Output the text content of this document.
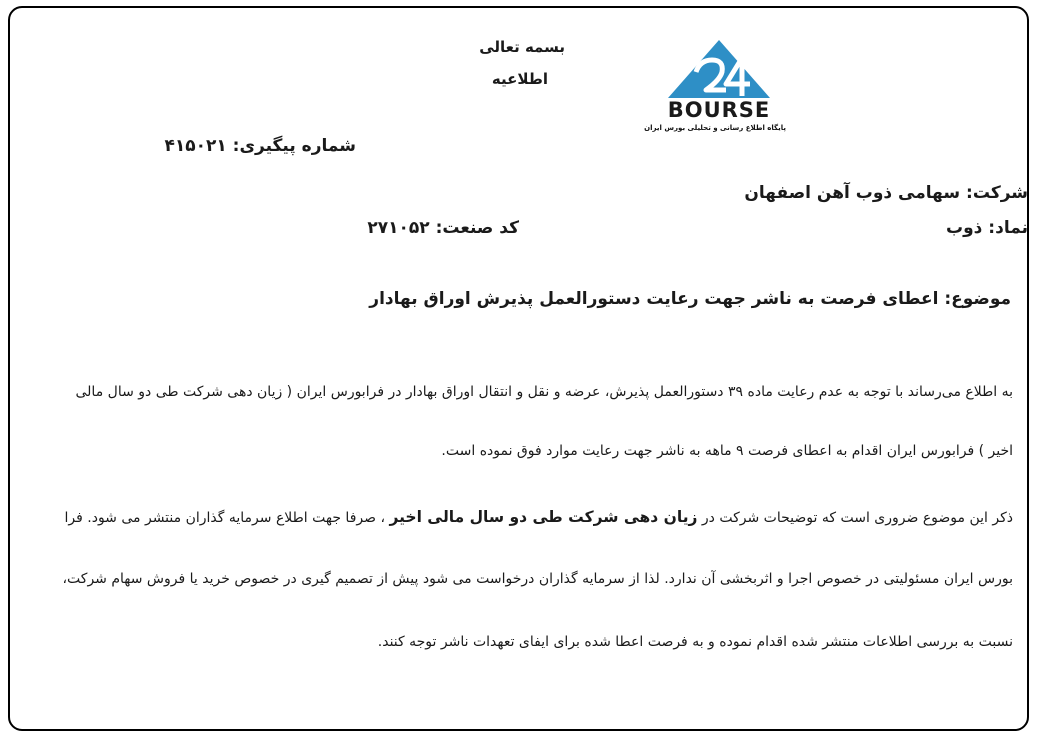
بسمه تعالی
اطلاعیه
شماره پیگیری: ۴۱۵۰۲۱
BOURSE
پایگاه اطلاع رسانی و تحلیلی بورس ایران
شرکت: سهامی ذوب آهن اصفهان
نماد: ذوب
کد صنعت: ۲۷۱۰۵۲
موضوع: اعطای فرصت به ناشر جهت رعایت دستورالعمل پذیرش اوراق بهادار
به اطلاع می‌رساند با توجه به عدم رعایت ماده ۳۹ دستورالعمل پذیرش، عرضه و نقل و انتقال اوراق بهادار در فرابورس ایران ( زیان دهی شرکت طی دو سال مالی
اخیر ) فرابورس ایران اقدام به اعطای فرصت ۹ ماهه به ناشر جهت رعایت موارد فوق نموده است.
ذکر این موضوع ضروری است که توضیحات شرکت در زیان دهی شرکت طی دو سال مالی اخیر ، صرفا جهت اطلاع سرمایه گذاران منتشر می شود. فرا
بورس ایران مسئولیتی در خصوص اجرا و اثربخشی آن ندارد. لذا از سرمایه گذاران درخواست می شود پیش از تصمیم گیری در خصوص خرید یا فروش سهام شرکت،
نسبت به بررسی اطلاعات منتشر شده اقدام نموده و به فرصت اعطا شده برای ایفای تعهدات ناشر توجه کنند.
